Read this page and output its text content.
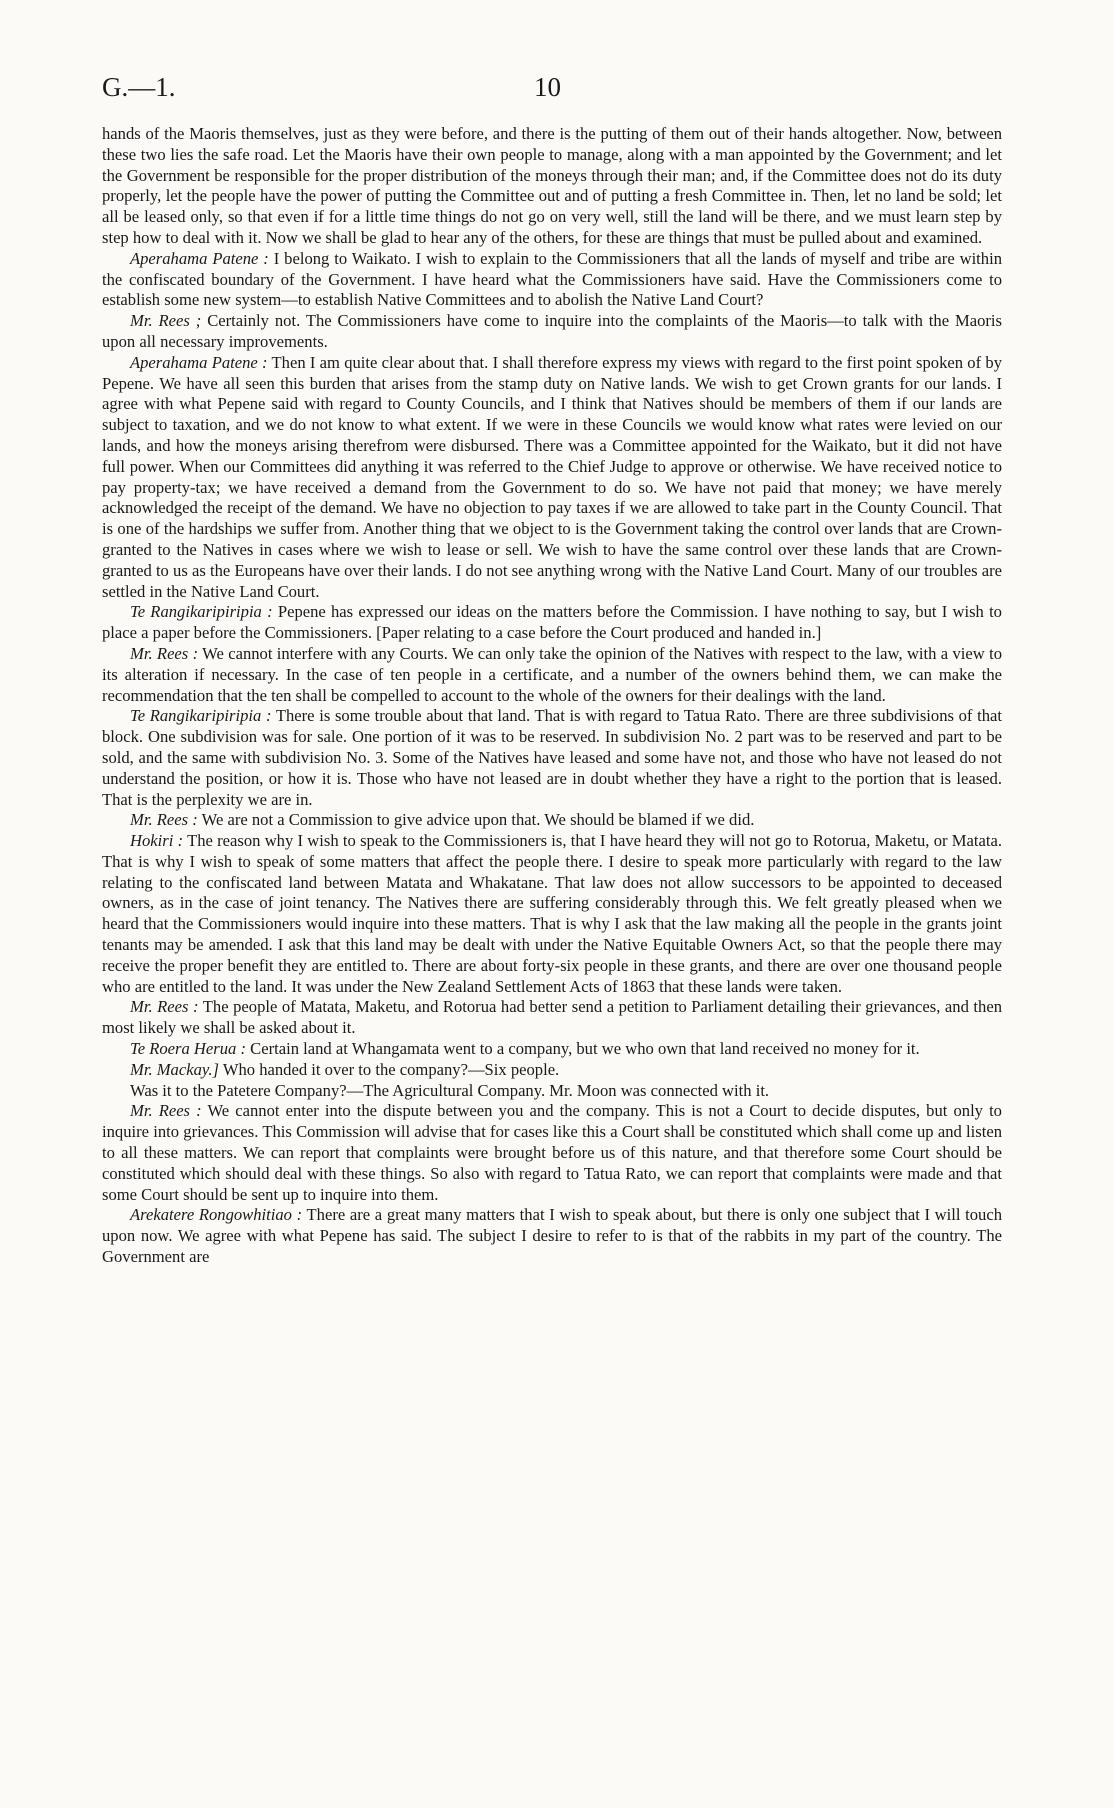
G.—1.	10

hands of the Maoris themselves, just as they were before, and there is the putting of them out of their hands altogether. Now, between these two lies the safe road. Let the Maoris have their own people to manage, along with a man appointed by the Government; and let the Government be responsible for the proper distribution of the moneys through their man; and, if the Committee does not do its duty properly, let the people have the power of putting the Committee out and of putting a fresh Committee in. Then, let no land be sold; let all be leased only, so that even if for a little time things do not go on very well, still the land will be there, and we must learn step by step how to deal with it. Now we shall be glad to hear any of the others, for these are things that must be pulled about and examined.

Aperahama Patene : I belong to Waikato. I wish to explain to the Commissioners that all the lands of myself and tribe are within the confiscated boundary of the Government. I have heard what the Commissioners have said. Have the Commissioners come to establish some new system—to establish Native Committees and to abolish the Native Land Court?

Mr. Rees ; Certainly not. The Commissioners have come to inquire into the complaints of the Maoris—to talk with the Maoris upon all necessary improvements.

Aperahama Patene : Then I am quite clear about that. I shall therefore express my views with regard to the first point spoken of by Pepene. We have all seen this burden that arises from the stamp duty on Native lands. We wish to get Crown grants for our lands. I agree with what Pepene said with regard to County Councils, and I think that Natives should be members of them if our lands are subject to taxation, and we do not know to what extent. If we were in these Councils we would know what rates were levied on our lands, and how the moneys arising therefrom were disbursed. There was a Committee appointed for the Waikato, but it did not have full power. When our Committees did anything it was referred to the Chief Judge to approve or otherwise. We have received notice to pay property-tax; we have received a demand from the Government to do so. We have not paid that money; we have merely acknowledged the receipt of the demand. We have no objection to pay taxes if we are allowed to take part in the County Council. That is one of the hardships we suffer from. Another thing that we object to is the Government taking the control over lands that are Crown-granted to the Natives in cases where we wish to lease or sell. We wish to have the same control over these lands that are Crown-granted to us as the Europeans have over their lands. I do not see anything wrong with the Native Land Court. Many of our troubles are settled in the Native Land Court.

Te Rangikaripiripia : Pepene has expressed our ideas on the matters before the Commission. I have nothing to say, but I wish to place a paper before the Commissioners. [Paper relating to a case before the Court produced and handed in.]

Mr. Rees : We cannot interfere with any Courts. We can only take the opinion of the Natives with respect to the law, with a view to its alteration if necessary. In the case of ten people in a certificate, and a number of the owners behind them, we can make the recommendation that the ten shall be compelled to account to the whole of the owners for their dealings with the land.

Te Rangikaripiripia : There is some trouble about that land. That is with regard to Tatua Rato. There are three subdivisions of that block. One subdivision was for sale. One portion of it was to be reserved. In subdivision No. 2 part was to be reserved and part to be sold, and the same with subdivision No. 3. Some of the Natives have leased and some have not, and those who have not leased do not understand the position, or how it is. Those who have not leased are in doubt whether they have a right to the portion that is leased. That is the perplexity we are in.

Mr. Rees : We are not a Commission to give advice upon that. We should be blamed if we did.

Hokiri : The reason why I wish to speak to the Commissioners is, that I have heard they will not go to Rotorua, Maketu, or Matata. That is why I wish to speak of some matters that affect the people there. I desire to speak more particularly with regard to the law relating to the confiscated land between Matata and Whakatane. That law does not allow successors to be appointed to deceased owners, as in the case of joint tenancy. The Natives there are suffering considerably through this. We felt greatly pleased when we heard that the Commissioners would inquire into these matters. That is why I ask that the law making all the people in the grants joint tenants may be amended. I ask that this land may be dealt with under the Native Equitable Owners Act, so that the people there may receive the proper benefit they are entitled to. There are about forty-six people in these grants, and there are over one thousand people who are entitled to the land. It was under the New Zealand Settlement Acts of 1863 that these lands were taken.

Mr. Rees : The people of Matata, Maketu, and Rotorua had better send a petition to Parliament detailing their grievances, and then most likely we shall be asked about it.

Te Roera Herua : Certain land at Whangamata went to a company, but we who own that land received no money for it.

Mr. Mackay.] Who handed it over to the company?—Six people.

Was it to the Patetere Company?—The Agricultural Company. Mr. Moon was connected with it.

Mr. Rees : We cannot enter into the dispute between you and the company. This is not a Court to decide disputes, but only to inquire into grievances. This Commission will advise that for cases like this a Court shall be constituted which shall come up and listen to all these matters. We can report that complaints were brought before us of this nature, and that therefore some Court should be constituted which should deal with these things. So also with regard to Tatua Rato, we can report that complaints were made and that some Court should be sent up to inquire into them.

Arekatere Rongowhitiao : There are a great many matters that I wish to speak about, but there is only one subject that I will touch upon now. We agree with what Pepene has said. The subject I desire to refer to is that of the rabbits in my part of the country. The Government are
